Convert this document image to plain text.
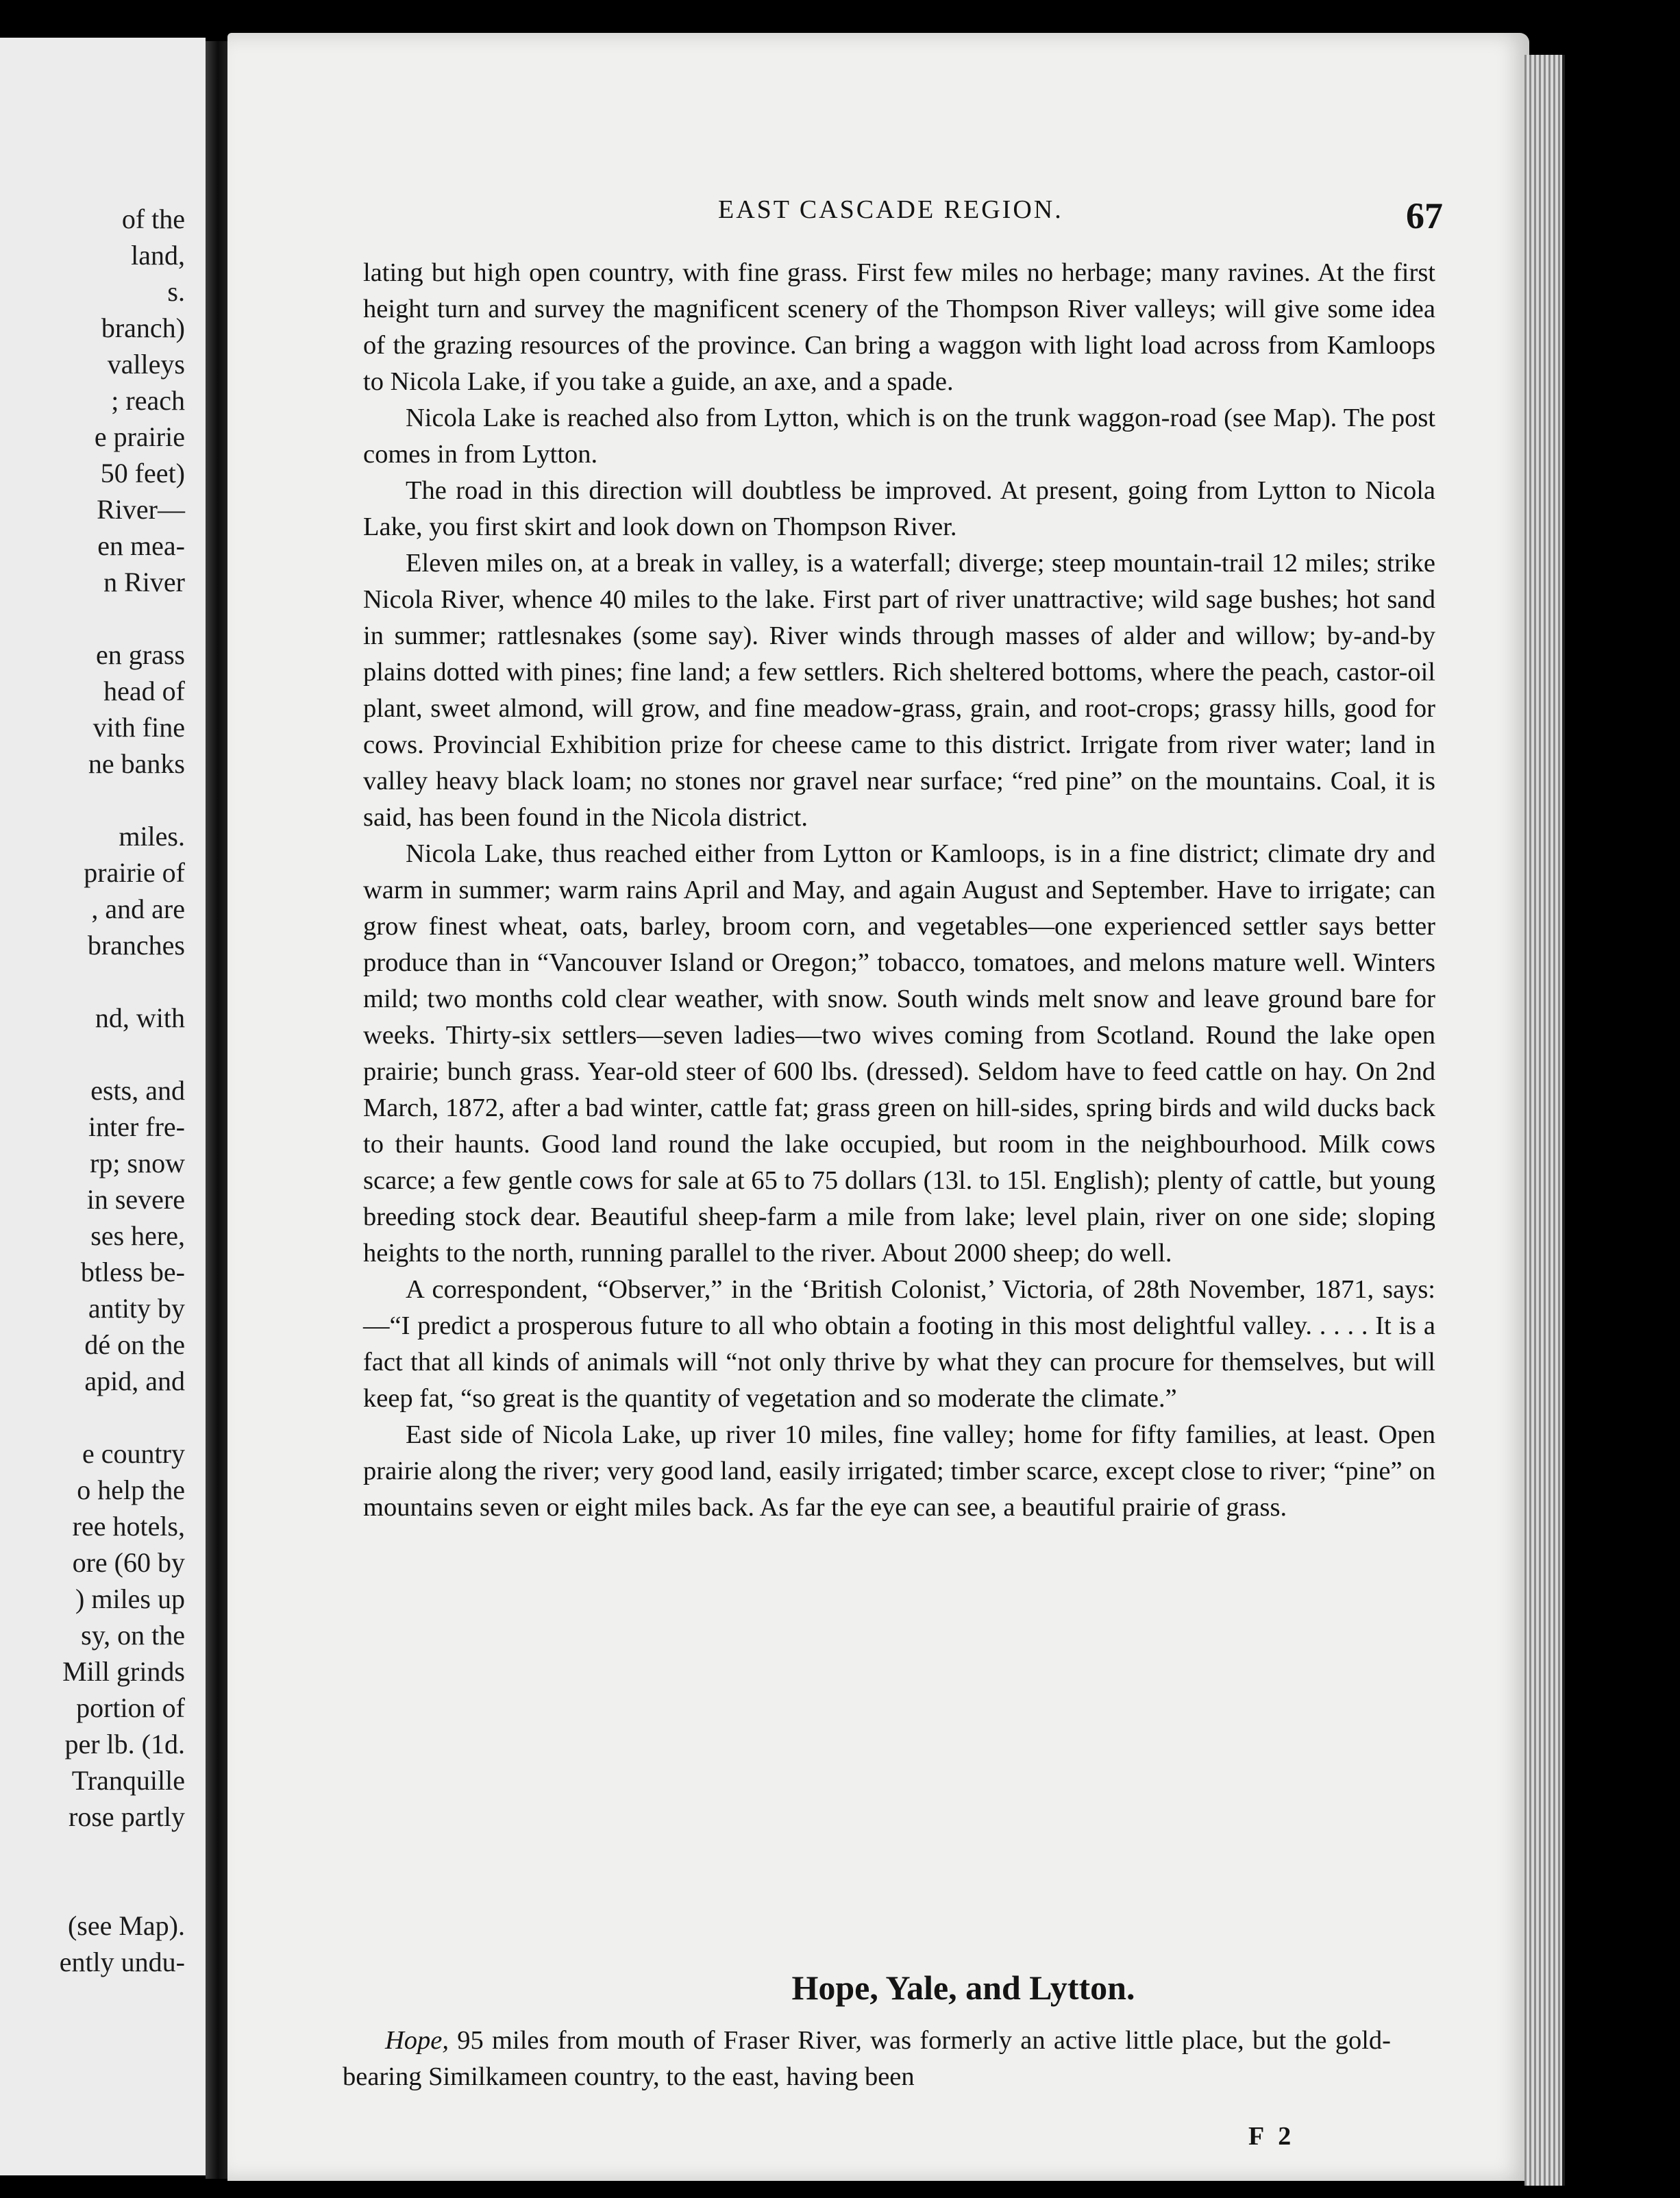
of the
land,
s.
branch)
valleys
; reach
e prairie
50 feet)
River—
en mea-
n River
en grass
head of
vith fine
ne banks
miles.
prairie of
, and are
branches
nd, with
ests, and
inter fre-
rp; snow
in severe
ses here,
btless be-
antity by
dé on the
apid, and
e country
o help the
ree hotels,
ore (60 by
) miles up
sy, on the
Mill grinds
portion of
per lb. (1d.
Tranquille
rose partly
(see Map).
ently undu-
EAST CASCADE REGION.	67

lating but high open country, with fine grass. First few miles no herbage; many ravines. At the first height turn and survey the magnificent scenery of the Thompson River valleys; will give some idea of the grazing resources of the province. Can bring a waggon with light load across from Kamloops to Nicola Lake, if you take a guide, an axe, and a spade.

Nicola Lake is reached also from Lytton, which is on the trunk waggon-road (see Map). The post comes in from Lytton.

The road in this direction will doubtless be improved. At present, going from Lytton to Nicola Lake, you first skirt and look down on Thompson River.

Eleven miles on, at a break in valley, is a waterfall; diverge; steep mountain-trail 12 miles; strike Nicola River, whence 40 miles to the lake. First part of river unattractive; wild sage bushes; hot sand in summer; rattlesnakes (some say). River winds through masses of alder and willow; by-and-by plains dotted with pines; fine land; a few settlers. Rich sheltered bottoms, where the peach, castor-oil plant, sweet almond, will grow, and fine meadow-grass, grain, and root-crops; grassy hills, good for cows. Provincial Exhibition prize for cheese came to this district. Irrigate from river water; land in valley heavy black loam; no stones nor gravel near surface; “red pine” on the mountains. Coal, it is said, has been found in the Nicola district.

Nicola Lake, thus reached either from Lytton or Kamloops, is in a fine district; climate dry and warm in summer; warm rains April and May, and again August and September. Have to irrigate; can grow finest wheat, oats, barley, broom corn, and vegetables—one experienced settler says better produce than in “Vancouver Island or Oregon;” tobacco, tomatoes, and melons mature well. Winters mild; two months cold clear weather, with snow. South winds melt snow and leave ground bare for weeks. Thirty-six settlers—seven ladies—two wives coming from Scotland. Round the lake open prairie; bunch grass. Year-old steer of 600 lbs. (dressed). Seldom have to feed cattle on hay. On 2nd March, 1872, after a bad winter, cattle fat; grass green on hill-sides, spring birds and wild ducks back to their haunts. Good land round the lake occupied, but room in the neighbourhood. Milk cows scarce; a few gentle cows for sale at 65 to 75 dollars (13l. to 15l. English); plenty of cattle, but young breeding stock dear. Beautiful sheep-farm a mile from lake; level plain, river on one side; sloping heights to the north, running parallel to the river. About 2000 sheep; do well.

A correspondent, “Observer,” in the ‘British Colonist,’ Victoria, of 28th November, 1871, says:—“I predict a prosperous future to all who obtain a footing in this most delightful valley. . . . . It is a fact that all kinds of animals will “not only thrive by what they can procure for themselves, but will keep fat, “so great is the quantity of vegetation and so moderate the climate.”

East side of Nicola Lake, up river 10 miles, fine valley; home for fifty families, at least. Open prairie along the river; very good land, easily irrigated; timber scarce, except close to river; “pine” on mountains seven or eight miles back. As far the eye can see, a beautiful prairie of grass.

Hope, Yale, and Lytton.

Hope, 95 miles from mouth of Fraser River, was formerly an active little place, but the gold-bearing Similkameen country, to the east, having been

F 2
